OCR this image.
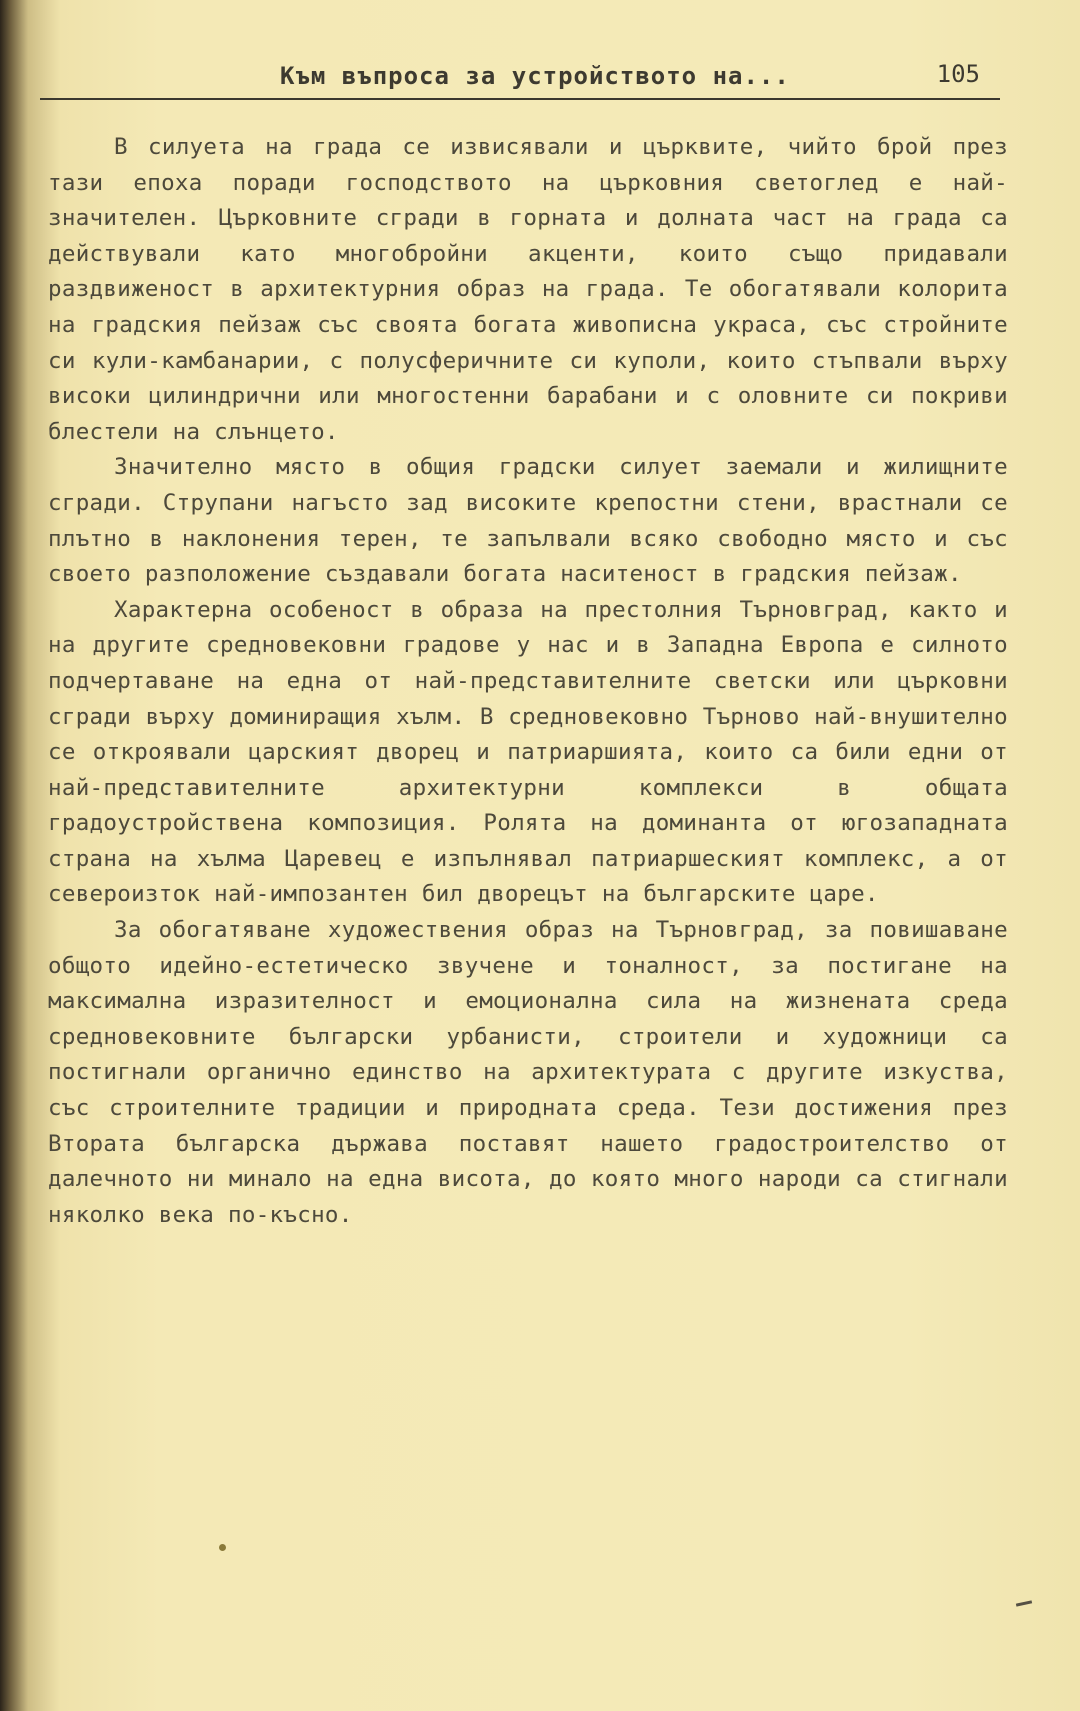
Към въпроса за устройството на...	105

В силуета на града се извисявали и църквите, чийто брой през тази епоха поради господството на църковния светоглед е най-значителен. Църковните сгради в горната и долната част на града са действували като многобройни акценти, които също придавали раздвиженост в архитектурния образ на града. Те обогатявали колорита на градския пейзаж със своята богата живописна украса, със стройните си кули-камбанарии, с полусферичните си куполи, които стъпвали върху високи цилиндрични или многостенни барабани и с оловните си покриви блестели на слънцето.

Значително място в общия градски силует заемали и жилищните сгради. Струпани нагъсто зад високите крепостни стени, врастнали се плътно в наклонения терен, те запълвали всяко свободно място и със своето разположение създавали богата наситеност в градския пейзаж.

Характерна особеност в образа на престолния Търновград, както и на другите средновековни градове у нас и в Западна Европа е силното подчертаване на една от най-представителните светски или църковни сгради върху доминиращия хълм. В средновековно Търново най-внушително се откроявали царският дворец и патриаршията, които са били едни от най-представителните архитектурни комплекси в общата градоустройствена композиция. Ролята на доминанта от югозападната страна на хълма Царевец е изпълнявал патриаршеският комплекс, а от североизток най-импозантен бил дворецът на българските царе.

За обогатяване художествения образ на Търновград, за повишаване общото идейно-естетическо звучене и тоналност, за постигане на максимална изразителност и емоционална сила на жизнената среда средновековните български урбанисти, строители и художници са постигнали органично единство на архитектурата с другите изкуства, със строителните традиции и природната среда. Тези достижения през Втората българска държава поставят нашето градостроителство от далечното ни минало на една висота, до която много народи са стигнали няколко века по-късно.
